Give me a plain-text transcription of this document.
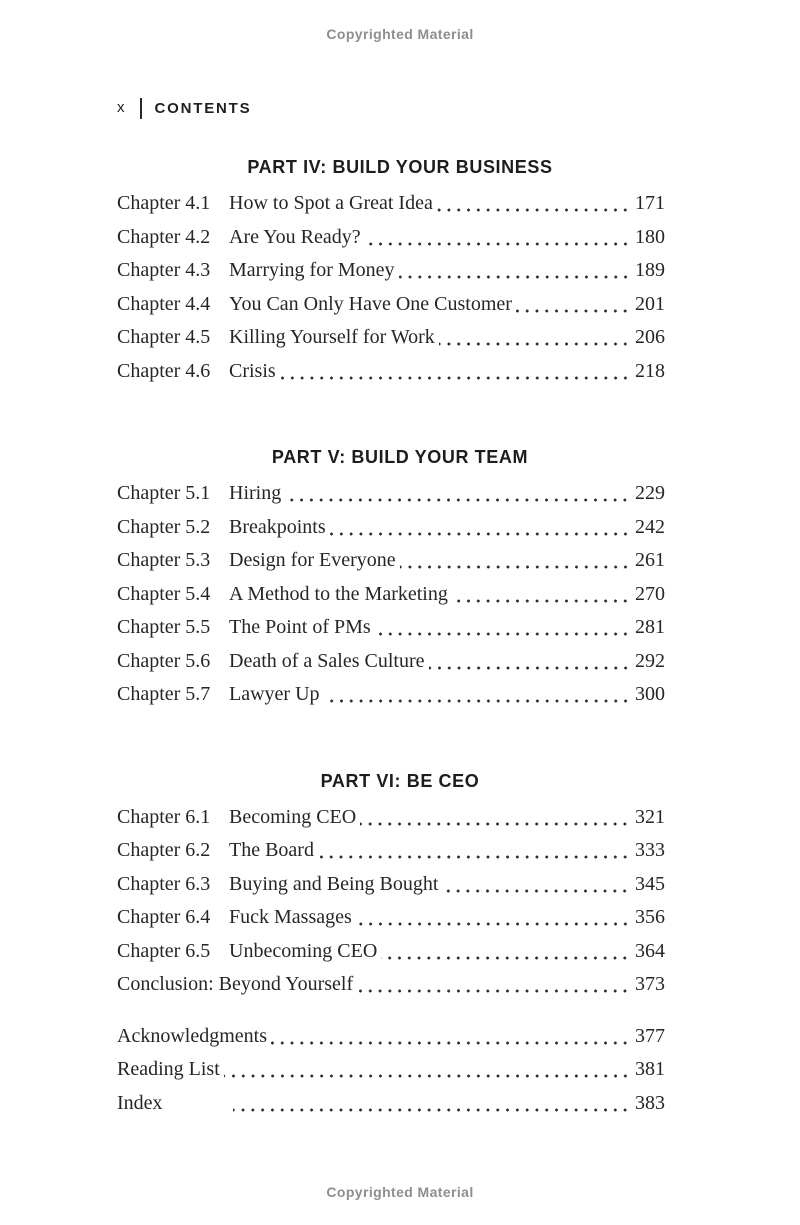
Copyrighted Material
x CONTENTS
PART IV: BUILD YOUR BUSINESS
Chapter 4.1 How to Spot a Great Idea	171
Chapter 4.2 Are You Ready?	180
Chapter 4.3 Marrying for Money	189
Chapter 4.4 You Can Only Have One Customer	201
Chapter 4.5 Killing Yourself for Work	206
Chapter 4.6 Crisis	218
PART V: BUILD YOUR TEAM
Chapter 5.1 Hiring	229
Chapter 5.2 Breakpoints	242
Chapter 5.3 Design for Everyone	261
Chapter 5.4 A Method to the Marketing	270
Chapter 5.5 The Point of PMs	281
Chapter 5.6 Death of a Sales Culture	292
Chapter 5.7 Lawyer Up	300
PART VI: BE CEO
Chapter 6.1 Becoming CEO	321
Chapter 6.2 The Board	333
Chapter 6.3 Buying and Being Bought	345
Chapter 6.4 Fuck Massages	356
Chapter 6.5 Unbecoming CEO	364
Conclusion: Beyond Yourself	373
Acknowledgments	377
Reading List	381
Index	383
Copyrighted Material
